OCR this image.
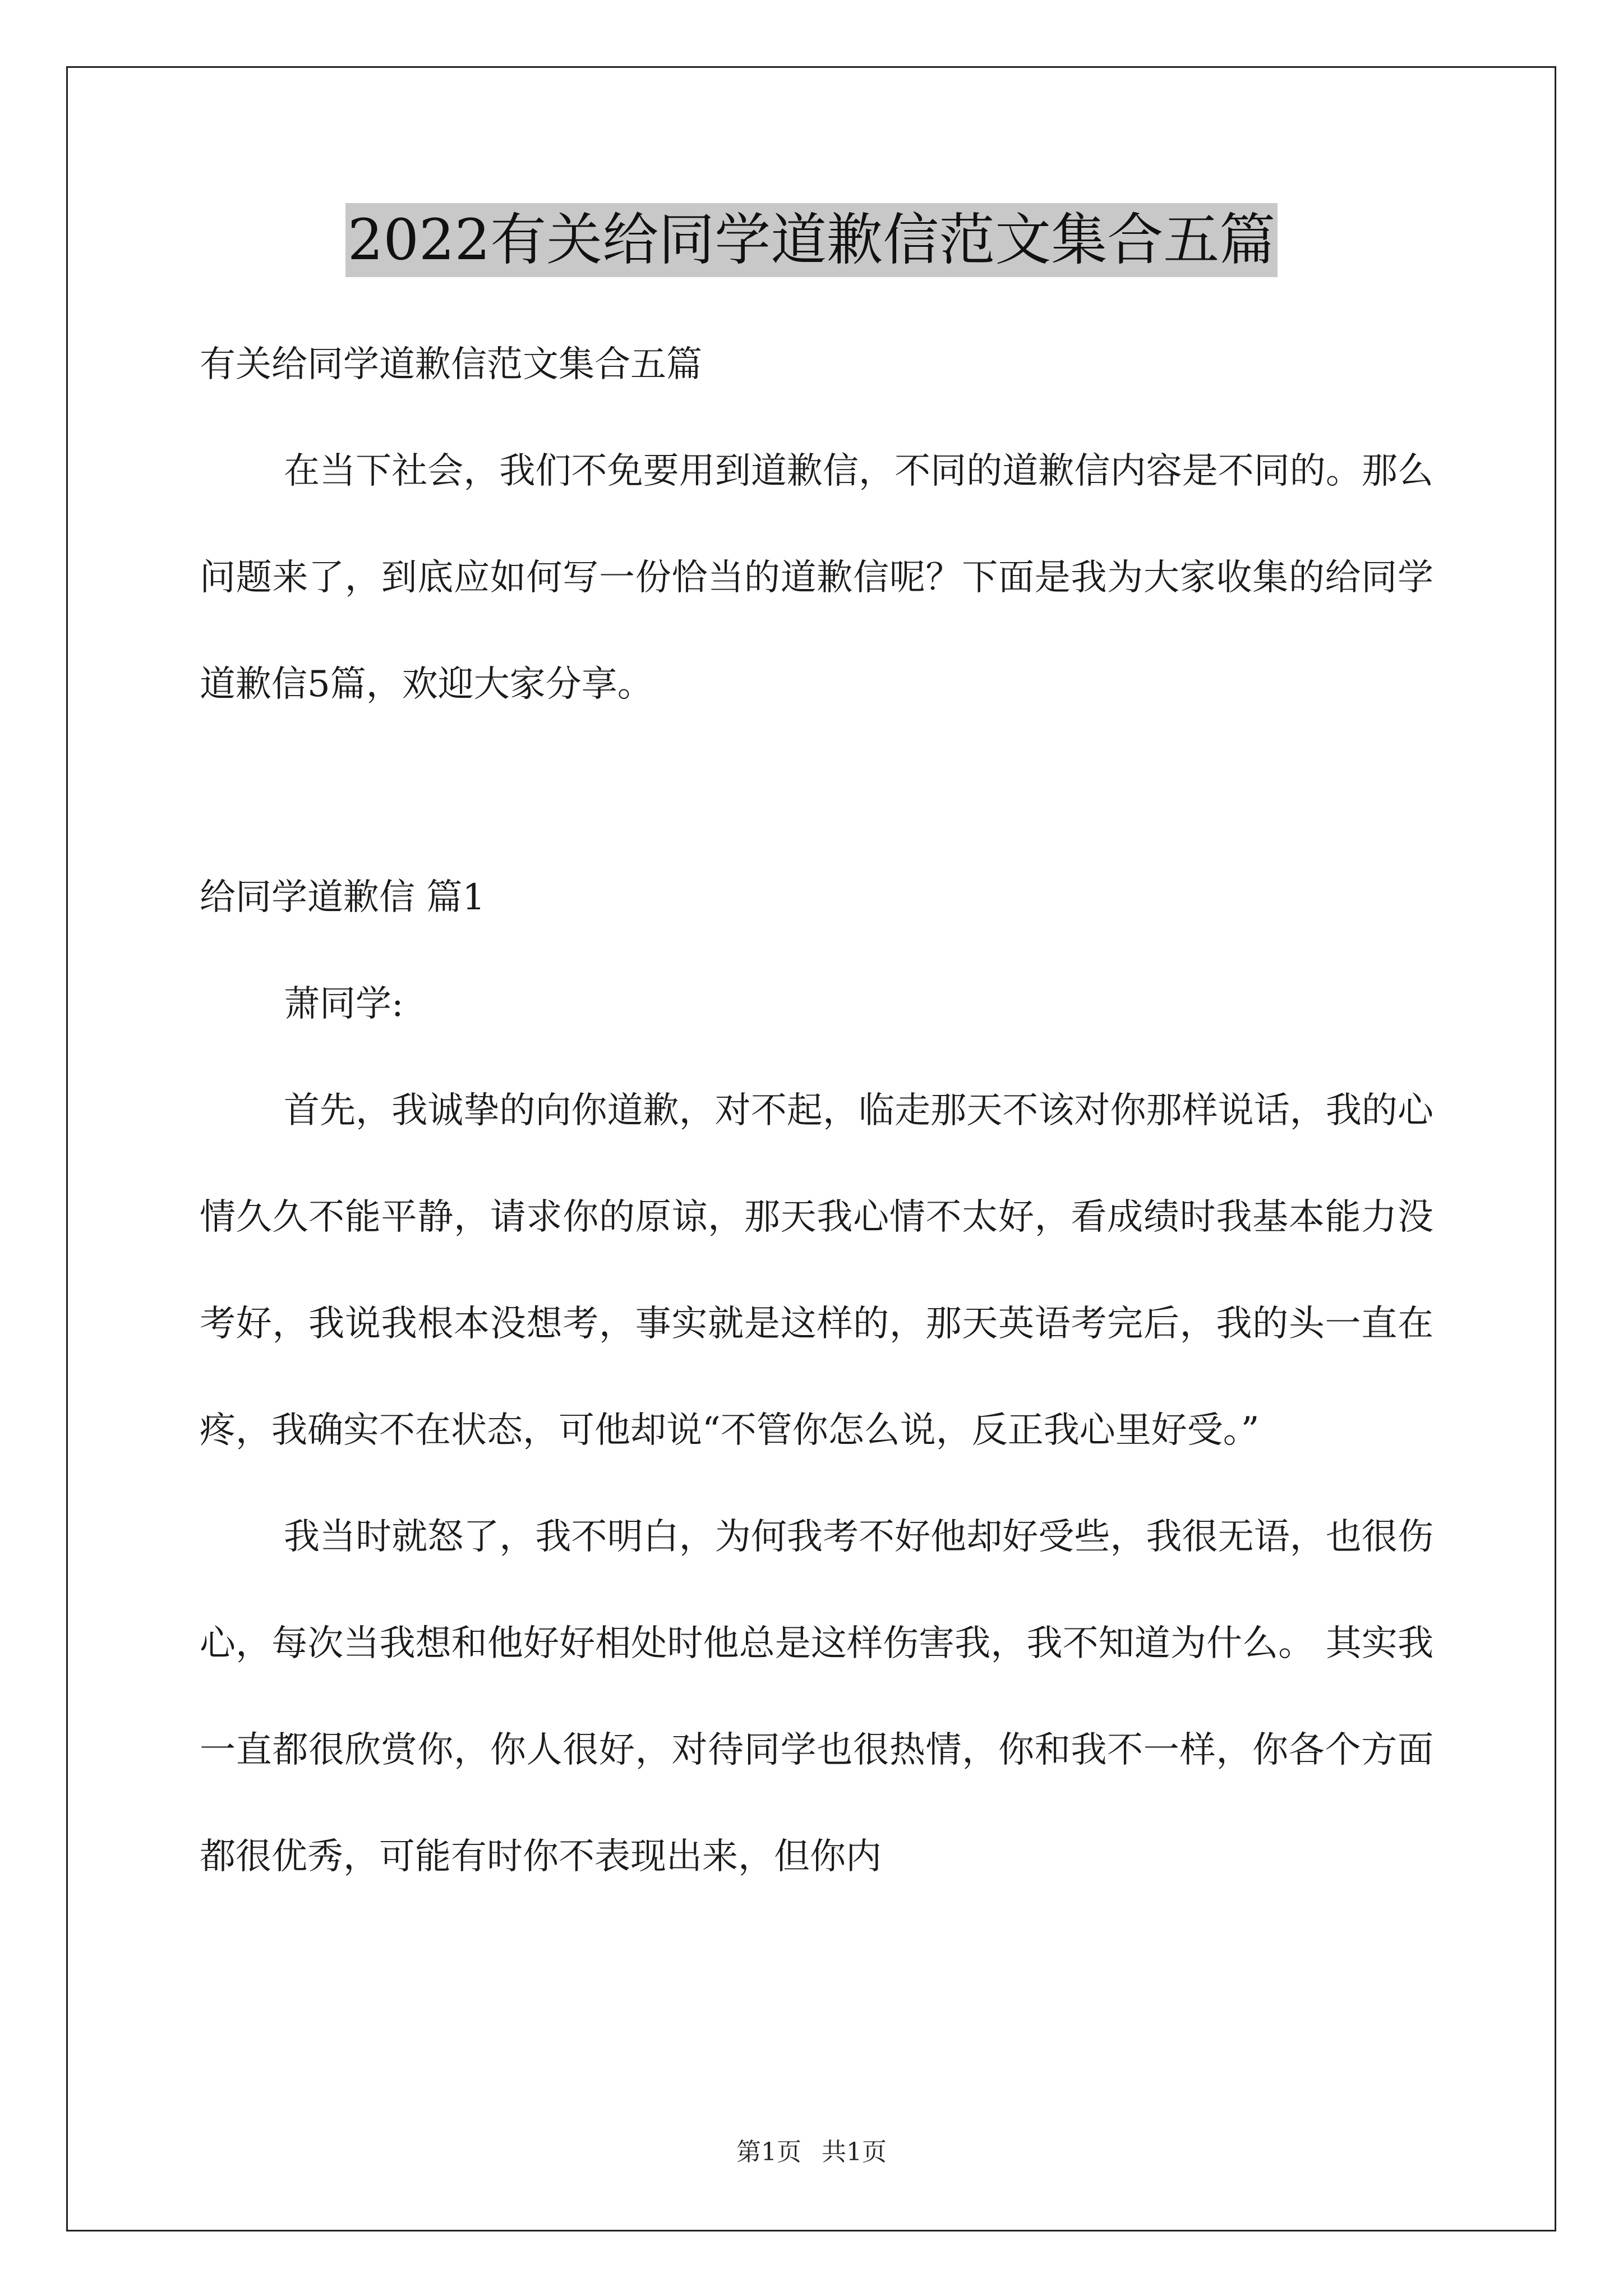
2022有关给同学道歉信范文集合五篇

有关给同学道歉信范文集合五篇

在当下社会，我们不免要用到道歉信，不同的道歉信内容是不同的。那么问题来了，到底应如何写一份恰当的道歉信呢？下面是我为大家收集的给同学道歉信5篇，欢迎大家分享。

给同学道歉信 篇1

萧同学:

首先，我诚挚的向你道歉，对不起，临走那天不该对你那样说话，我的心情久久不能平静，请求你的原谅，那天我心情不太好，看成绩时我基本能力没考好，我说我根本没想考，事实就是这样的，那天英语考完后，我的头一直在疼，我确实不在状态，可他却说“不管你怎么说，反正我心里好受。”

我当时就怒了，我不明白，为何我考不好他却好受些，我很无语，也很伤心，每次当我想和他好好相处时他总是这样伤害我，我不知道为什么。 其实我一直都很欣赏你，你人很好，对待同学也很热情，你和我不一样，你各个方面都很优秀，可能有时你不表现出来，但你内

第1页 共1页
